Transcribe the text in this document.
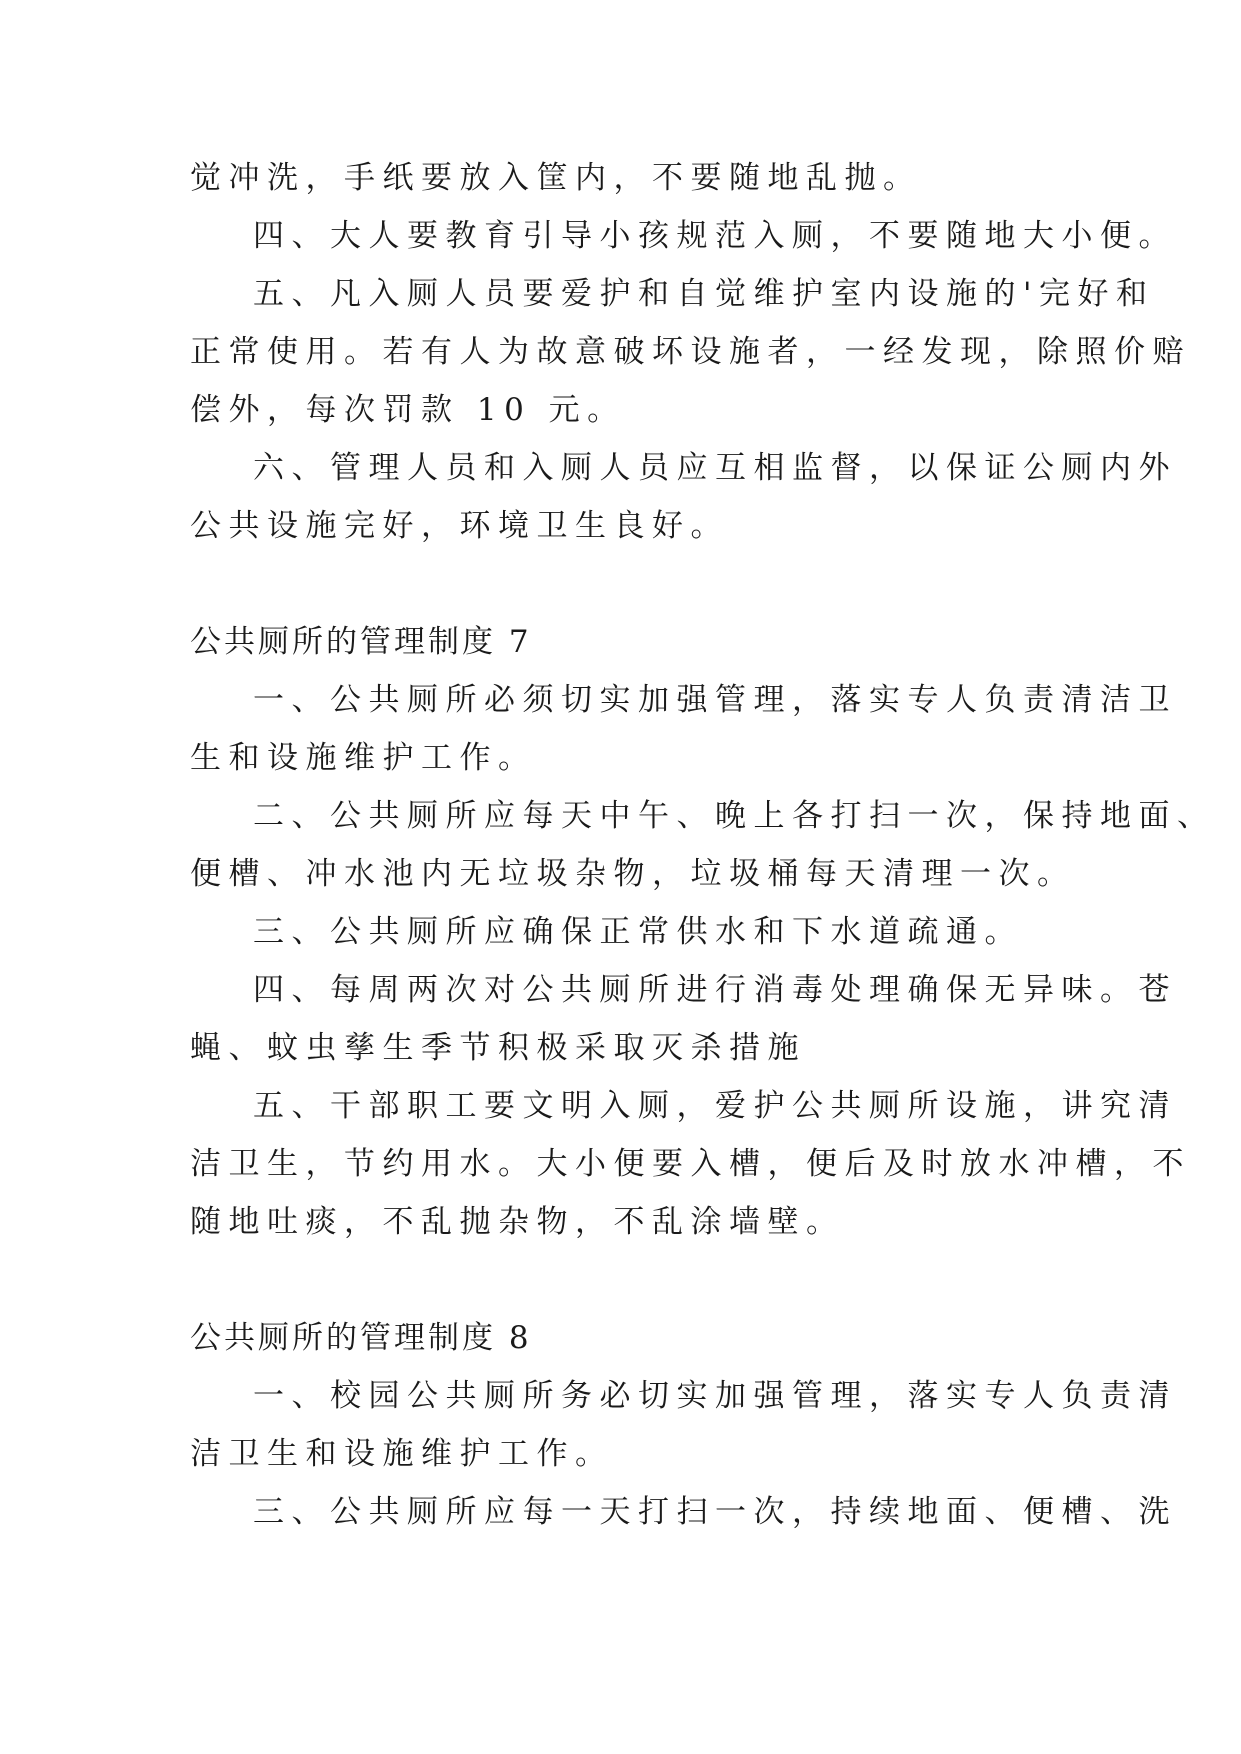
觉冲洗，手纸要放入筐内，不要随地乱抛。

四、大人要教育引导小孩规范入厕，不要随地大小便。

五、凡入厕人员要爱护和自觉维护室内设施的'完好和

正常使用。若有人为故意破坏设施者，一经发现，除照价赔

偿外，每次罚款 10 元。

六、管理人员和入厕人员应互相监督，以保证公厕内外

公共设施完好，环境卫生良好。

公共厕所的管理制度 7

一、公共厕所必须切实加强管理，落实专人负责清洁卫

生和设施维护工作。

二、公共厕所应每天中午、晚上各打扫一次，保持地面、

便槽、冲水池内无垃圾杂物，垃圾桶每天清理一次。

三、公共厕所应确保正常供水和下水道疏通。

四、每周两次对公共厕所进行消毒处理确保无异味。苍

蝇、蚊虫孳生季节积极采取灭杀措施

五、干部职工要文明入厕，爱护公共厕所设施，讲究清

洁卫生，节约用水。大小便要入槽，便后及时放水冲槽，不

随地吐痰，不乱抛杂物，不乱涂墙壁。

公共厕所的管理制度 8

一、校园公共厕所务必切实加强管理，落实专人负责清

洁卫生和设施维护工作。

三、公共厕所应每一天打扫一次，持续地面、便槽、洗
